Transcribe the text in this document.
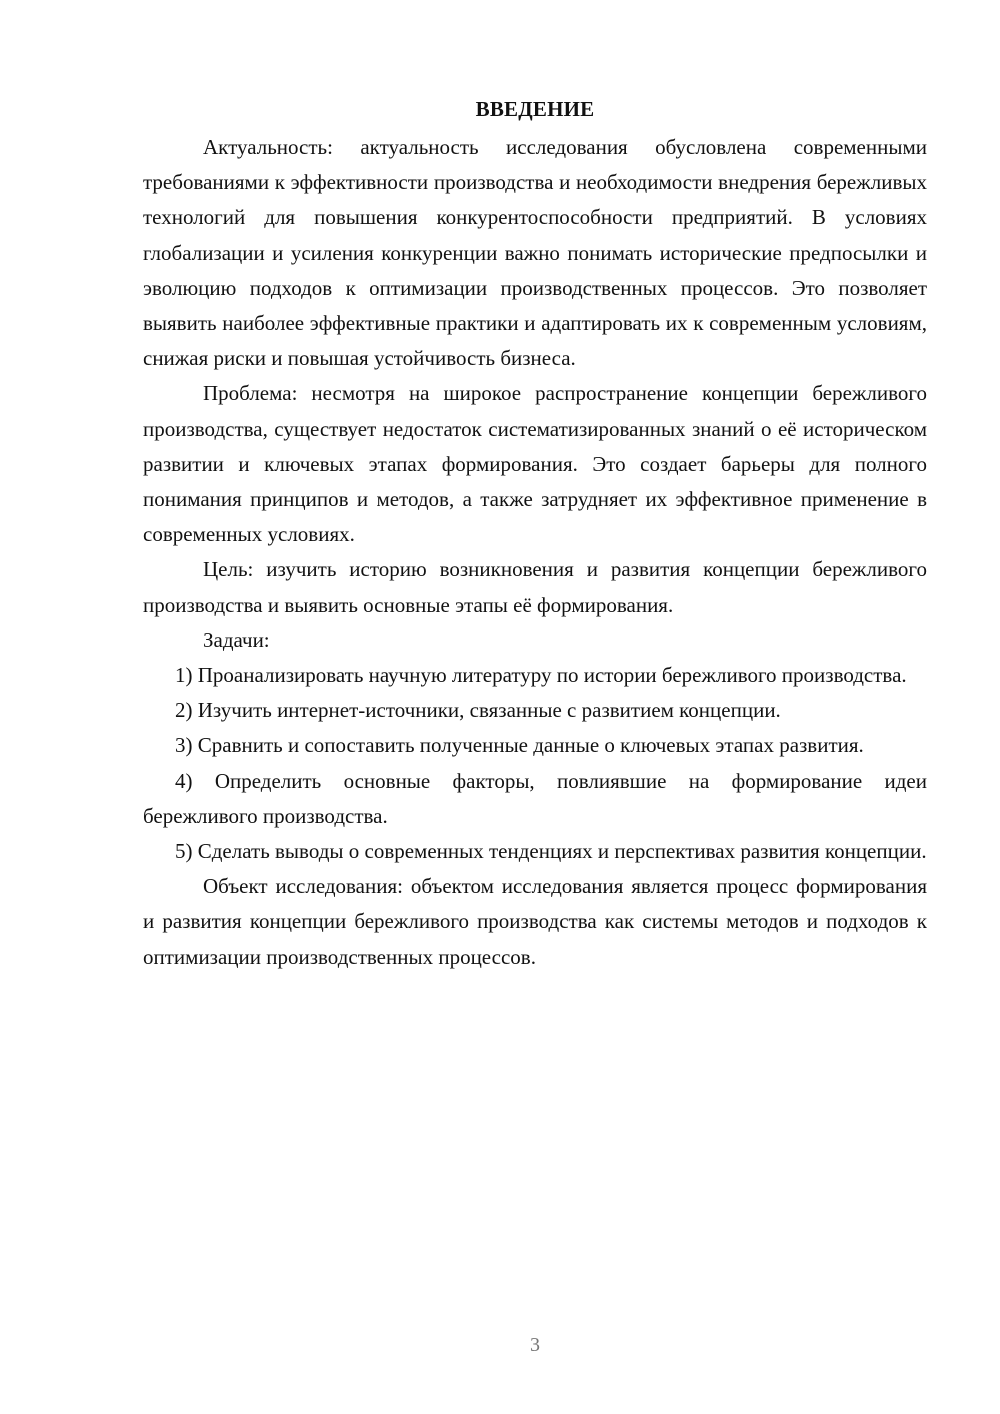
ВВЕДЕНИЕ

Актуальность: актуальность исследования обусловлена современными требованиями к эффективности производства и необходимости внедрения бережливых технологий для повышения конкурентоспособности предприятий. В условиях глобализации и усиления конкуренции важно понимать исторические предпосылки и эволюцию подходов к оптимизации производственных процессов. Это позволяет выявить наиболее эффективные практики и адаптировать их к современным условиям, снижая риски и повышая устойчивость бизнеса.

Проблема: несмотря на широкое распространение концепции бережливого производства, существует недостаток систематизированных знаний о её историческом развитии и ключевых этапах формирования. Это создает барьеры для полного понимания принципов и методов, а также затрудняет их эффективное применение в современных условиях.

Цель: изучить историю возникновения и развития концепции бережливого производства и выявить основные этапы её формирования.

Задачи:

1) Проанализировать научную литературу по истории бережливого производства.

2) Изучить интернет-источники, связанные с развитием концепции.

3) Сравнить и сопоставить полученные данные о ключевых этапах развития.

4) Определить основные факторы, повлиявшие на формирование идеи бережливого производства.

5) Сделать выводы о современных тенденциях и перспективах развития концепции.

Объект исследования: объектом исследования является процесс формирования и развития концепции бережливого производства как системы методов и подходов к оптимизации производственных процессов.

3
